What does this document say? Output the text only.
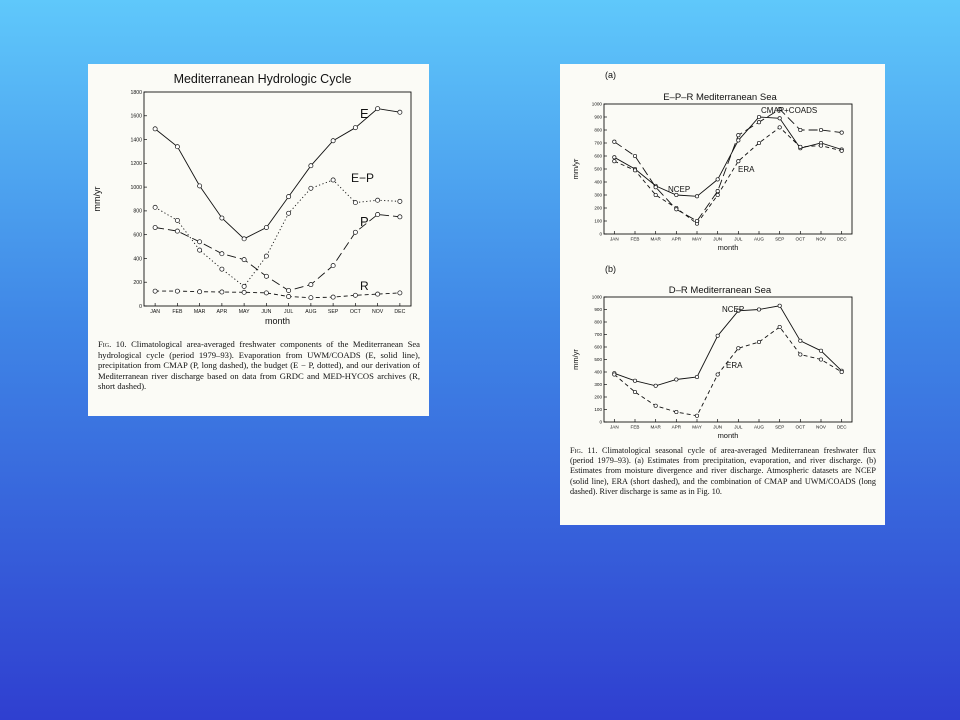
Mediterranean Hydrologic Cycle
0
200
400
600
800
1000
1200
1400
1600
1800
JAN FEB MAR APR MAY JUN JUL AUG SEP OCT NOV DEC
month
mm/yr
E
E−P
P
R
Fig. 10. Climatological area-averaged freshwater components of the Mediterranean Sea hydrological cycle (period 1979–93). Evaporation from UWM/COADS (E, solid line), precipitation from CMAP (P, long dashed), the budget (E − P, dotted), and our derivation of Mediterranean river discharge based on data from GRDC and MED-HYCOS archives (R, short dashed).
(a)
(b)
E–P–R Mediterranean Sea
0
100
200
300
400
500
600
700
800
900
1000
JAN	FEB MAR APR MAY JUN	JUL	AUG SEP OCT NOV DEC
month
mm/yr
NCEP
ERA
CMAP+COADS
D–R Mediterranean Sea
0
100
200
300
400
500
600
700
800
900
1000
JAN	FEB MAR APR MAY JUN	JUL	AUG SEP OCT NOV DEC
month
mm/yr
NCEP
ERA
Fig. 11. Climatological seasonal cycle of area-averaged Mediterranean freshwater flux (period 1979–93). (a) Estimates from precipitation, evaporation, and river discharge. (b) Estimates from moisture divergence and river discharge. Atmospheric datasets are NCEP (solid line), ERA (short dashed), and the combination of CMAP and UWM/COADS (long dashed). River discharge is same as in Fig. 10.
